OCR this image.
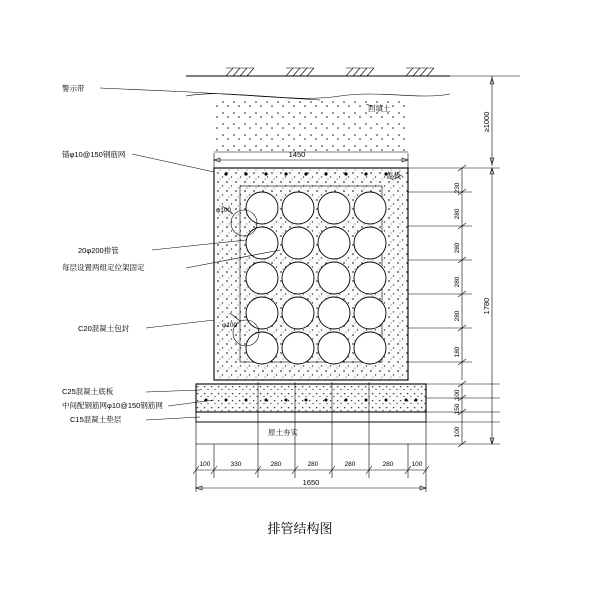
φ100
φ100
原土夯实
1450
100	330	280	280	280	280	100
1650
230
280
280
280
280
180
100
150
100
1780
≥1000
警示带
锚φ10@150钢筋网
20φ200排管
每层设置两组定位架固定
C20混凝土包封
C25混凝土底板
中间配钢筋网φ10@150钢筋网
C15混凝土垫层
回填土
盖板
排管结构图
